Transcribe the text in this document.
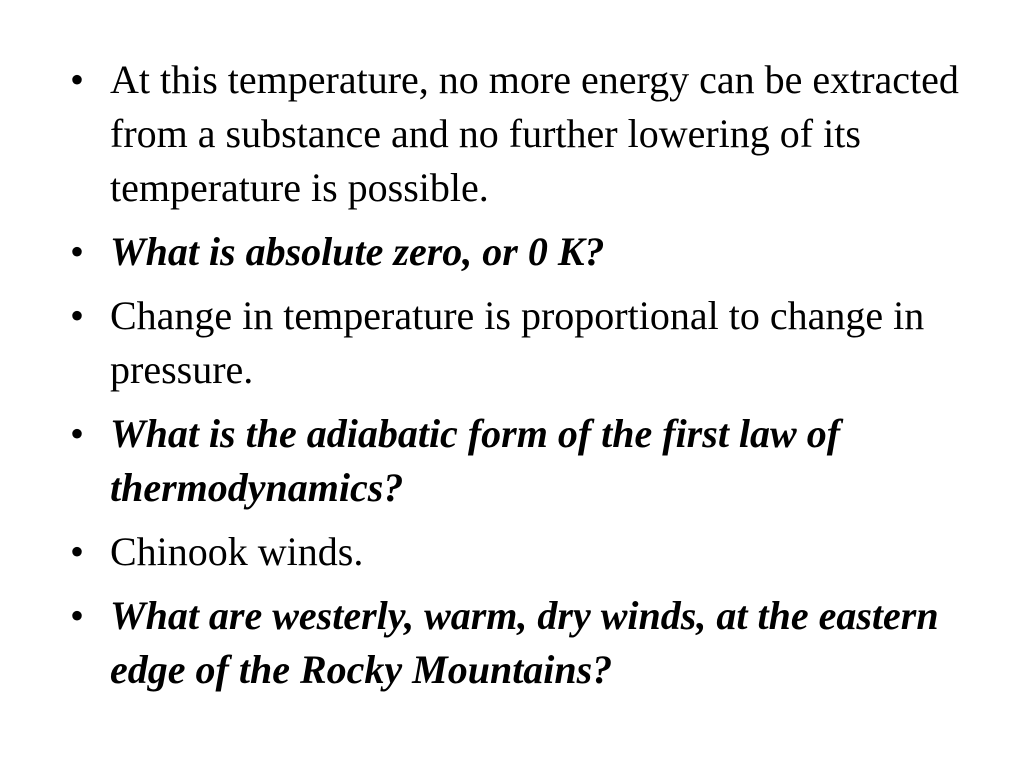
• At this temperature, no more energy can be extracted from a substance and no further lowering of its temperature is possible.
• What is absolute zero, or 0 K?
• Change in temperature is proportional to change in pressure.
• What is the adiabatic form of the first law of thermodynamics?
• Chinook winds.
• What are westerly, warm, dry winds, at the eastern edge of the Rocky Mountains?
